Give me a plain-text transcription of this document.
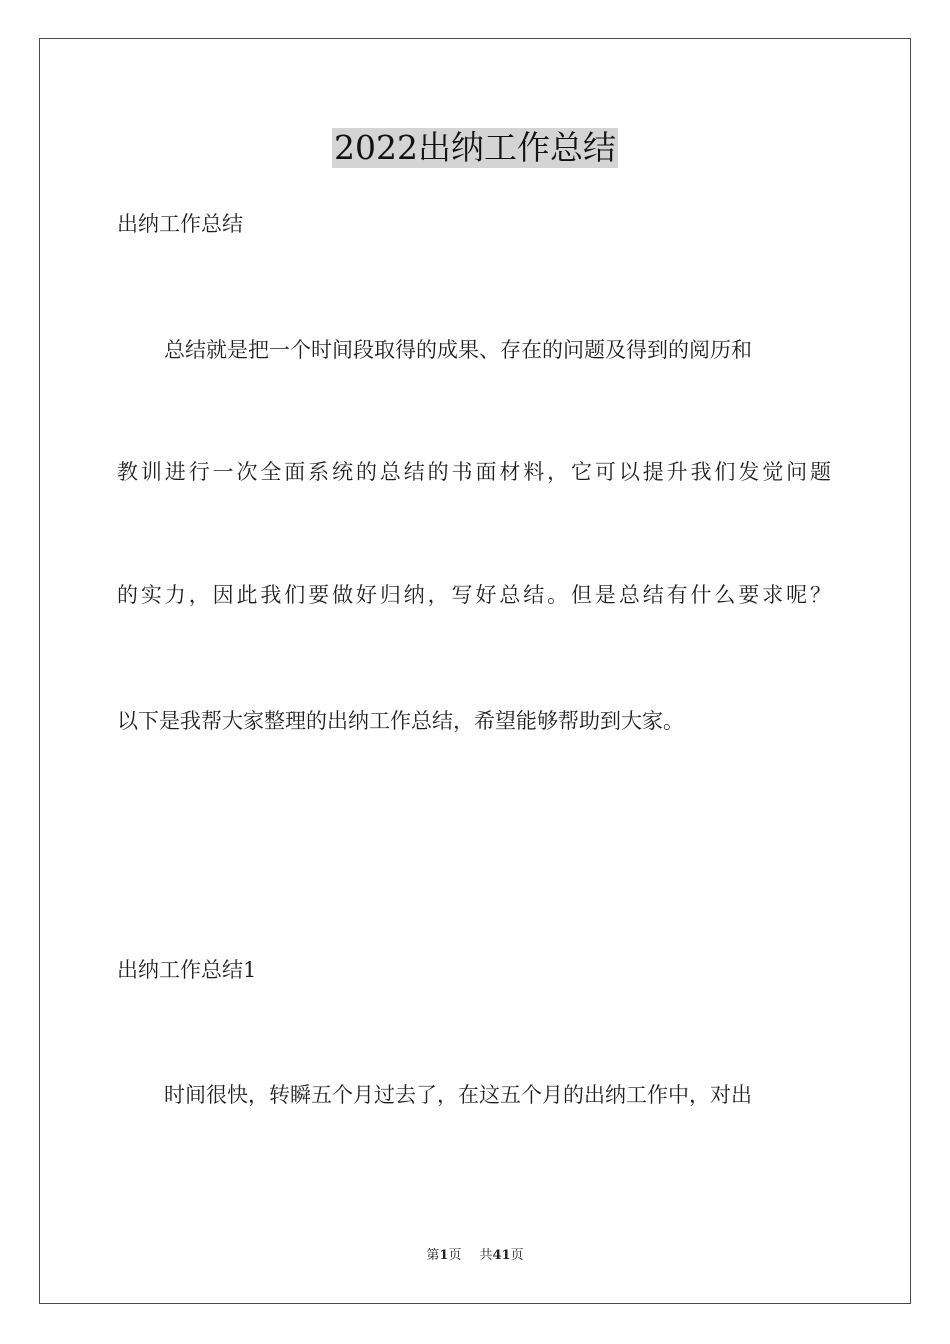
2022出纳工作总结
出纳工作总结
总结就是把一个时间段取得的成果、存在的问题及得到的阅历和
教训进行一次全面系统的总结的书面材料，它可以提升我们发觉问题
的实力，因此我们要做好归纳，写好总结。但是总结有什么要求呢？
以下是我帮大家整理的出纳工作总结，希望能够帮助到大家。
出纳工作总结1
时间很快，转瞬五个月过去了，在这五个月的出纳工作中，对出
第1页 共41页
